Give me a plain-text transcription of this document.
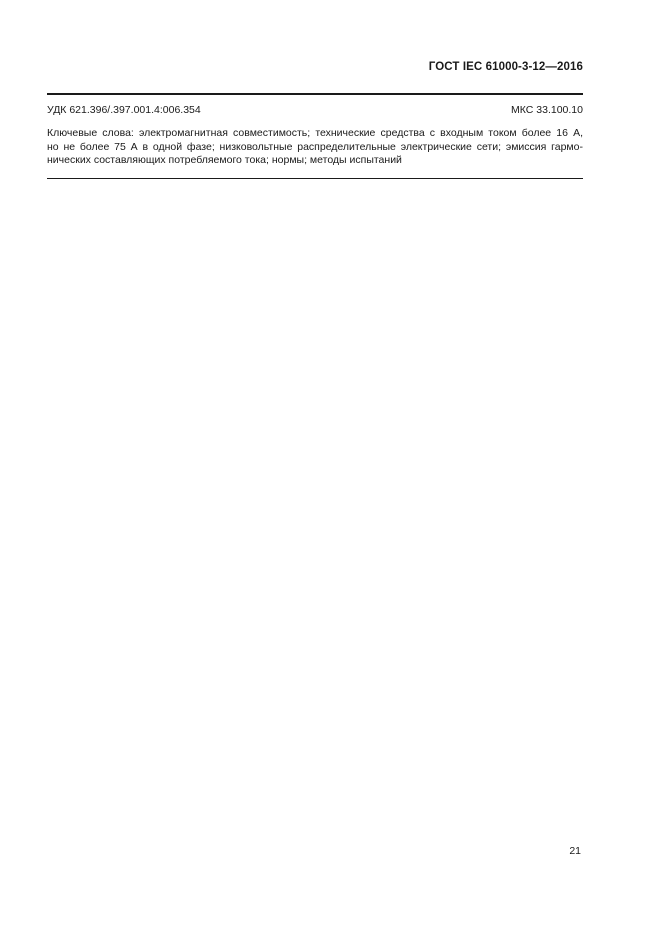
ГОСТ IEC 61000-3-12—2016
УДК 621.396/.397.001.4:006.354	МКС 33.100.10
Ключевые слова: электромагнитная совместимость; технические средства с входным током более 16 А,
но не более 75 А в одной фазе; низковольтные распределительные электрические сети; эмиссия гармо-
нических составляющих потребляемого тока; нормы; методы испытаний
21
